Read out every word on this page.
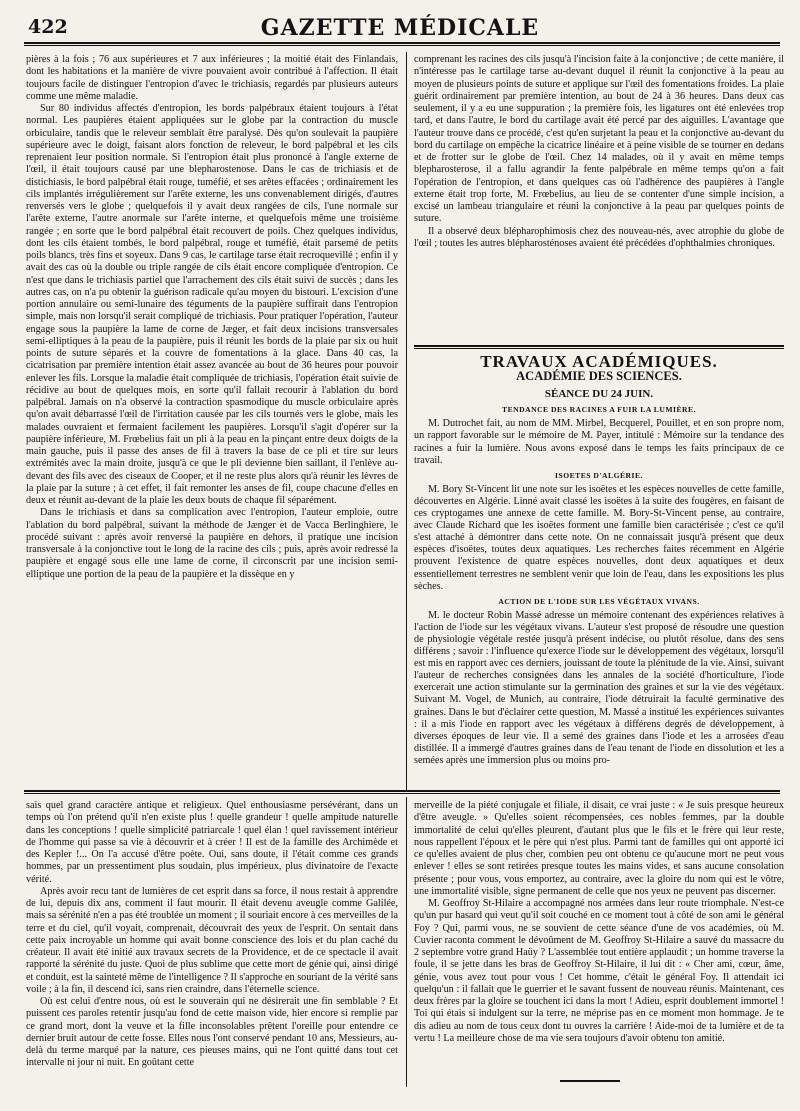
422	GAZETTE MÉDICALE

pières à la fois ; 76 aux supérieures et 7 aux inférieures ; la moitié était des Finlandais, dont les habitations et la manière de vivre pouvaient avoir contribué à l'affection. Il était toujours facile de distinguer l'entropion d'avec le trichiasis, regardés par plusieurs auteurs comme une même maladie.

Sur 80 individus affectés d'entropion, les bords palpébraux étaient toujours à l'état normal. Les paupières étaient appliquées sur le globe par la contraction du muscle orbiculaire, tandis que le releveur semblait être paralysé. Dès qu'on soulevait la paupière supérieure avec le doigt, faisant alors fonction de releveur, le bord palpébral et les cils reprenaient leur position normale. Si l'entropion était plus prononcé à l'angle externe de l'œil, il était toujours causé par une blepharostenose. Dans le cas de trichiasis et de distichiasis, le bord palpébral était rouge, tuméfié, et ses arêtes effacées ; ordinairement les cils implantés irrégulièrement sur l'arête externe, les uns convenablement dirigés, d'autres renversés vers le globe ; quelquefois il y avait deux rangées de cils, l'une normale sur l'arête externe, l'autre anormale sur l'arête interne, et quelquefois même une troisième rangée ; en sorte que le bord palpébral était recouvert de poils. Chez quelques individus, dont les cils étaient tombés, le bord palpébral, rouge et tuméfié, était parsemé de petits poils blancs, très fins et soyeux. Dans 9 cas, le cartilage tarse était recroquevillé ; enfin il y avait des cas où la double ou triple rangée de cils était encore compliquée d'entropion. Ce n'est que dans le trichiasis partiel que l'arrachement des cils était suivi de succès ; dans les autres cas, on n'a pu obtenir la guérison radicale qu'au moyen du bistouri. L'excision d'une portion annulaire ou semi-lunaire des téguments de la paupière suffirait dans l'entropion simple, mais non lorsqu'il serait compliqué de trichiasis. Pour pratiquer l'opération, l'auteur engage sous la paupière la lame de corne de Jæger, et fait deux incisions transversales semi-elliptiques à la peau de la paupière, puis il réunit les bords de la plaie par six ou huit points de suture séparés et la couvre de fomentations à la glace. Dans 40 cas, la cicatrisation par première intention était assez avancée au bout de 36 heures pour pouvoir enlever les fils. Lorsque la maladie était compliquée de trichiasis, l'opération était suivie de récidive au bout de quelques mois, en sorte qu'il fallait recourir à l'ablation du bord palpébral. Jamais on n'a observé la contraction spasmodique du muscle orbiculaire après qu'on avait débarrassé l'œil de l'irritation causée par les cils tournés vers le globe, mais les malades ouvraient et fermaient facilement les paupières. Lorsqu'il s'agit d'opérer sur la paupière inférieure, M. Frœbelius fait un pli à la peau en la pinçant entre deux doigts de la main gauche, puis il passe des anses de fil à travers la base de ce pli et tire sur leurs extrémités avec la main droite, jusqu'à ce que le pli devienne bien saillant, il l'enlève au-devant des fils avec des ciseaux de Cooper, et il ne reste plus alors qu'à réunir les lèvres de la plaie par la suture ; à cet effet, il fait remonter les anses de fil, coupe chacune d'elles en deux et réunit au-devant de la plaie les deux bouts de chaque fil séparément.

Dans le trichiasis et dans sa complication avec l'entropion, l'auteur emploie, outre l'ablation du bord palpébral, suivant la méthode de Jænger et de Vacca Berlinghiere, le procédé suivant : après avoir renversé la paupière en dehors, il pratique une incision transversale à la conjonctive tout le long de la racine des cils ; puis, après avoir redressé la paupière et engagé sous elle une lame de corne, il circonscrit par une incision semi-elliptique une portion de la peau de la paupière et la dissèque en y

comprenant les racines des cils jusqu'à l'incision faite à la conjonctive ; de cette manière, il n'intéresse pas le cartilage tarse au-devant duquel il réunit la conjonctive à la peau au moyen de plusieurs points de suture et applique sur l'œil des fomentations froides. La plaie guérit ordinairement par première intention, au bout de 24 à 36 heures. Dans deux cas seulement, il y a eu une suppuration ; la première fois, les ligatures ont été enlevées trop tard, et dans l'autre, le bord du cartilage avait été percé par des aiguilles. L'avantage que l'auteur trouve dans ce procédé, c'est qu'en surjetant la peau et la conjonctive au-devant du bord du cartilage on empêche la cicatrice linéaire et à peine visible de se tourner en dedans et de frotter sur le globe de l'œil. Chez 14 malades, où il y avait en même temps blepharosterose, il a fallu agrandir la fente palpébrale en même temps qu'on a fait l'opération de l'entropion, et dans quelques cas où l'adhérence des paupières à l'angle externe était trop forte, M. Frœbelius, au lieu de se contenter d'une simple incision, a excisé un lambeau triangulaire et réuni la conjonctive à la peau par quelques points de suture.

Il a observé deux blépharophimosis chez des nouveau-nés, avec atrophie du globe de l'œil ; toutes les autres blépharosténoses avaient été précédées d'ophthalmies chroniques.

TRAVAUX ACADÉMIQUES.
ACADÉMIE DES SCIENCES.
SÉANCE DU 24 JUIN.
TENDANCE DES RACINES A FUIR LA LUMIÈRE.

M. Dutrochet fait, au nom de MM. Mirbel, Becquerel, Pouillet, et en son propre nom, un rapport favorable sur le mémoire de M. Payer, intitulé : Mémoire sur la tendance des racines a fuir la lumière. Nous avons exposé dans le temps les faits principaux de ce travail.

ISOETES D'ALGÉRIE.

M. Bory St-Vincent lit une note sur les isoëtes et les espèces nouvelles de cette famille, découvertes en Algérie. Linné avait classé les isoëtes à la suite des fougères, en faisant de ces cryptogames une annexe de cette famille. M. Bory-St-Vincent pense, au contraire, avec Claude Richard que les isoëtes forment une famille bien caractérisée ; c'est ce qu'il s'est attaché à démontrer dans cette note. On ne connaissait jusqu'à présent que deux espèces d'isoëtes, toutes deux aquatiques. Les recherches faites récemment en Algérie prouvent l'existence de quatre espèces nouvelles, dont deux aquatiques et deux essentiellement terrestres ne semblent venir que loin de l'eau, dans les expositions les plus sèches.

ACTION DE L'IODE SUR LES VÉGÉTAUX VIVANS.

M. le docteur Robin Massé adresse un mémoire contenant des expériences relatives à l'action de l'iode sur les végétaux vivans. L'auteur s'est proposé de résoudre une question de physiologie végétale restée jusqu'à présent indécise, ou plutôt résolue, dans des sens différens ; savoir : l'influence qu'exerce l'iode sur le développement des végétaux, lorsqu'il est mis en rapport avec ces derniers, jouissant de toute la plénitude de la vie. Ainsi, suivant l'auteur de recherches consignées dans les annales de la société d'horticulture, l'iode exercerait une action stimulante sur la germination des graines et sur la vie des végétaux. Suivant M. Vogel, de Munich, au contraire, l'iode détruirait la faculté germinative des graines. Dans le but d'éclairer cette question, M. Massé a institué les expériences suivantes : il a mis l'iode en rapport avec les végétaux à différens degrés de développement, à diverses époques de leur vie. Il a semé des graines dans l'iode et les a arrosées d'eau distillée. Il a immergé d'autres graines dans de l'eau tenant de l'iode en dissolution et les a semées après une immersion plus ou moins pro-

sais quel grand caractère antique et religieux. Quel enthousiasme persévérant, dans un temps où l'on prétend qu'il n'en existe plus ! quelle grandeur ! quelle ampitude naturelle dans les conceptions ! quelle simplicité patriarcale ! quel élan ! quel ravissement intérieur de l'homme qui passe sa vie à découvrir et à créer ! Il est de la famille des Archimède et des Kepler !... On l'a accusé d'être poète. Oui, sans doute, il l'était comme ces grands hommes, par un pressentiment plus soudain, plus impérieux, plus divinatoire de l'exacte vérité.

Après avoir recu tant de lumières de cet esprit dans sa force, il nous restait à apprendre de lui, depuis dix ans, comment il faut mourir. Il était devenu aveugle comme Galilée, mais sa sérénité n'en a pas été troublée un moment ; il souriait encore à ces merveilles de la terre et du ciel, qu'il voyait, comprenait, découvrait des yeux de l'esprit. On sentait dans cette paix incroyable un homme qui avait bonne conscience des lois et du plan caché du créateur. Il avait été initié aux travaux secrets de la Providence, et de ce spectacle il avait rapporté la sérénité du juste. Quoi de plus sublime que cette mort de génie qui, ainsi dirigé et conduit, est la sainteté même de l'intelligence ? Il s'approche en souriant de la vérité sans voile ; à la fin, il descend ici, sans rien craindre, dans l'éternelle science.

Où est celui d'entre nous, où est le souverain qui ne désirerait une fin semblable ? Et puissent ces paroles retentir jusqu'au fond de cette maison vide, hier encore si remplie par ce grand mort, dont la veuve et la fille inconsolables prêtent l'oreille pour entendre ce dernier bruit autour de cette fosse. Elles nous l'ont conservé pendant 10 ans, Messieurs, au-delà du terme marqué par la nature, ces pieuses mains, qui ne l'ont quitté dans tout cet intervalle ni jour ni nuit. En goûtant cette

merveille de la piété conjugale et filiale, il disait, ce vrai juste : « Je suis presque heureux d'être aveugle. » Qu'elles soient récompensées, ces nobles femmes, par la double immortalité de celui qu'elles pleurent, d'autant plus que le fils et le frère qui leur reste, nous rappellent l'époux et le père qui n'est plus. Parmi tant de familles qui ont apporté ici ce qu'elles avaient de plus cher, combien peu ont obtenu ce qu'aucune mort ne peut vous enlever ! elles se sont retirées presque toutes les mains vides, et sans aucune consolation présente ; pour vous, vous emportez, au contraire, avec la gloire du nom qui est le vôtre, une immortalité visible, signe permanent de celle que nos yeux ne peuvent pas discerner.

M. Geoffroy St-Hilaire a accompagné nos armées dans leur route triomphale. N'est-ce qu'un pur hasard qui veut qu'il soit couché en ce moment tout à côté de son ami le général Foy ? Qui, parmi vous, ne se souvient de cette séance d'une de vos académies, où M. Cuvier raconta comment le dévoûment de M. Geoffroy St-Hilaire a sauvé du massacre du 2 septembre votre grand Haüy ? L'assemblée tout entière applaudit ; un homme traverse la foule, il se jette dans les bras de Geoffroy St-Hilaire, il lui dit : « Cher ami, cœur, âme, génie, vous avez tout pour vous ! Cet homme, c'était le général Foy. Il attendait ici quelqu'un : il fallait que le guerrier et le savant fussent de nouveau réunis. Maintenant, ces deux frères par la gloire se touchent ici dans la mort ! Adieu, esprit doublement immortel ! Toi qui étais si indulgent sur la terre, ne méprise pas en ce moment mon hommage. Je te dis adieu au nom de tous ceux dont tu ouvres la carrière ! Aide-moi de ta lumière et de ta vertu ! La meilleure chose de ma vie sera toujours d'avoir obtenu ton amitié.
